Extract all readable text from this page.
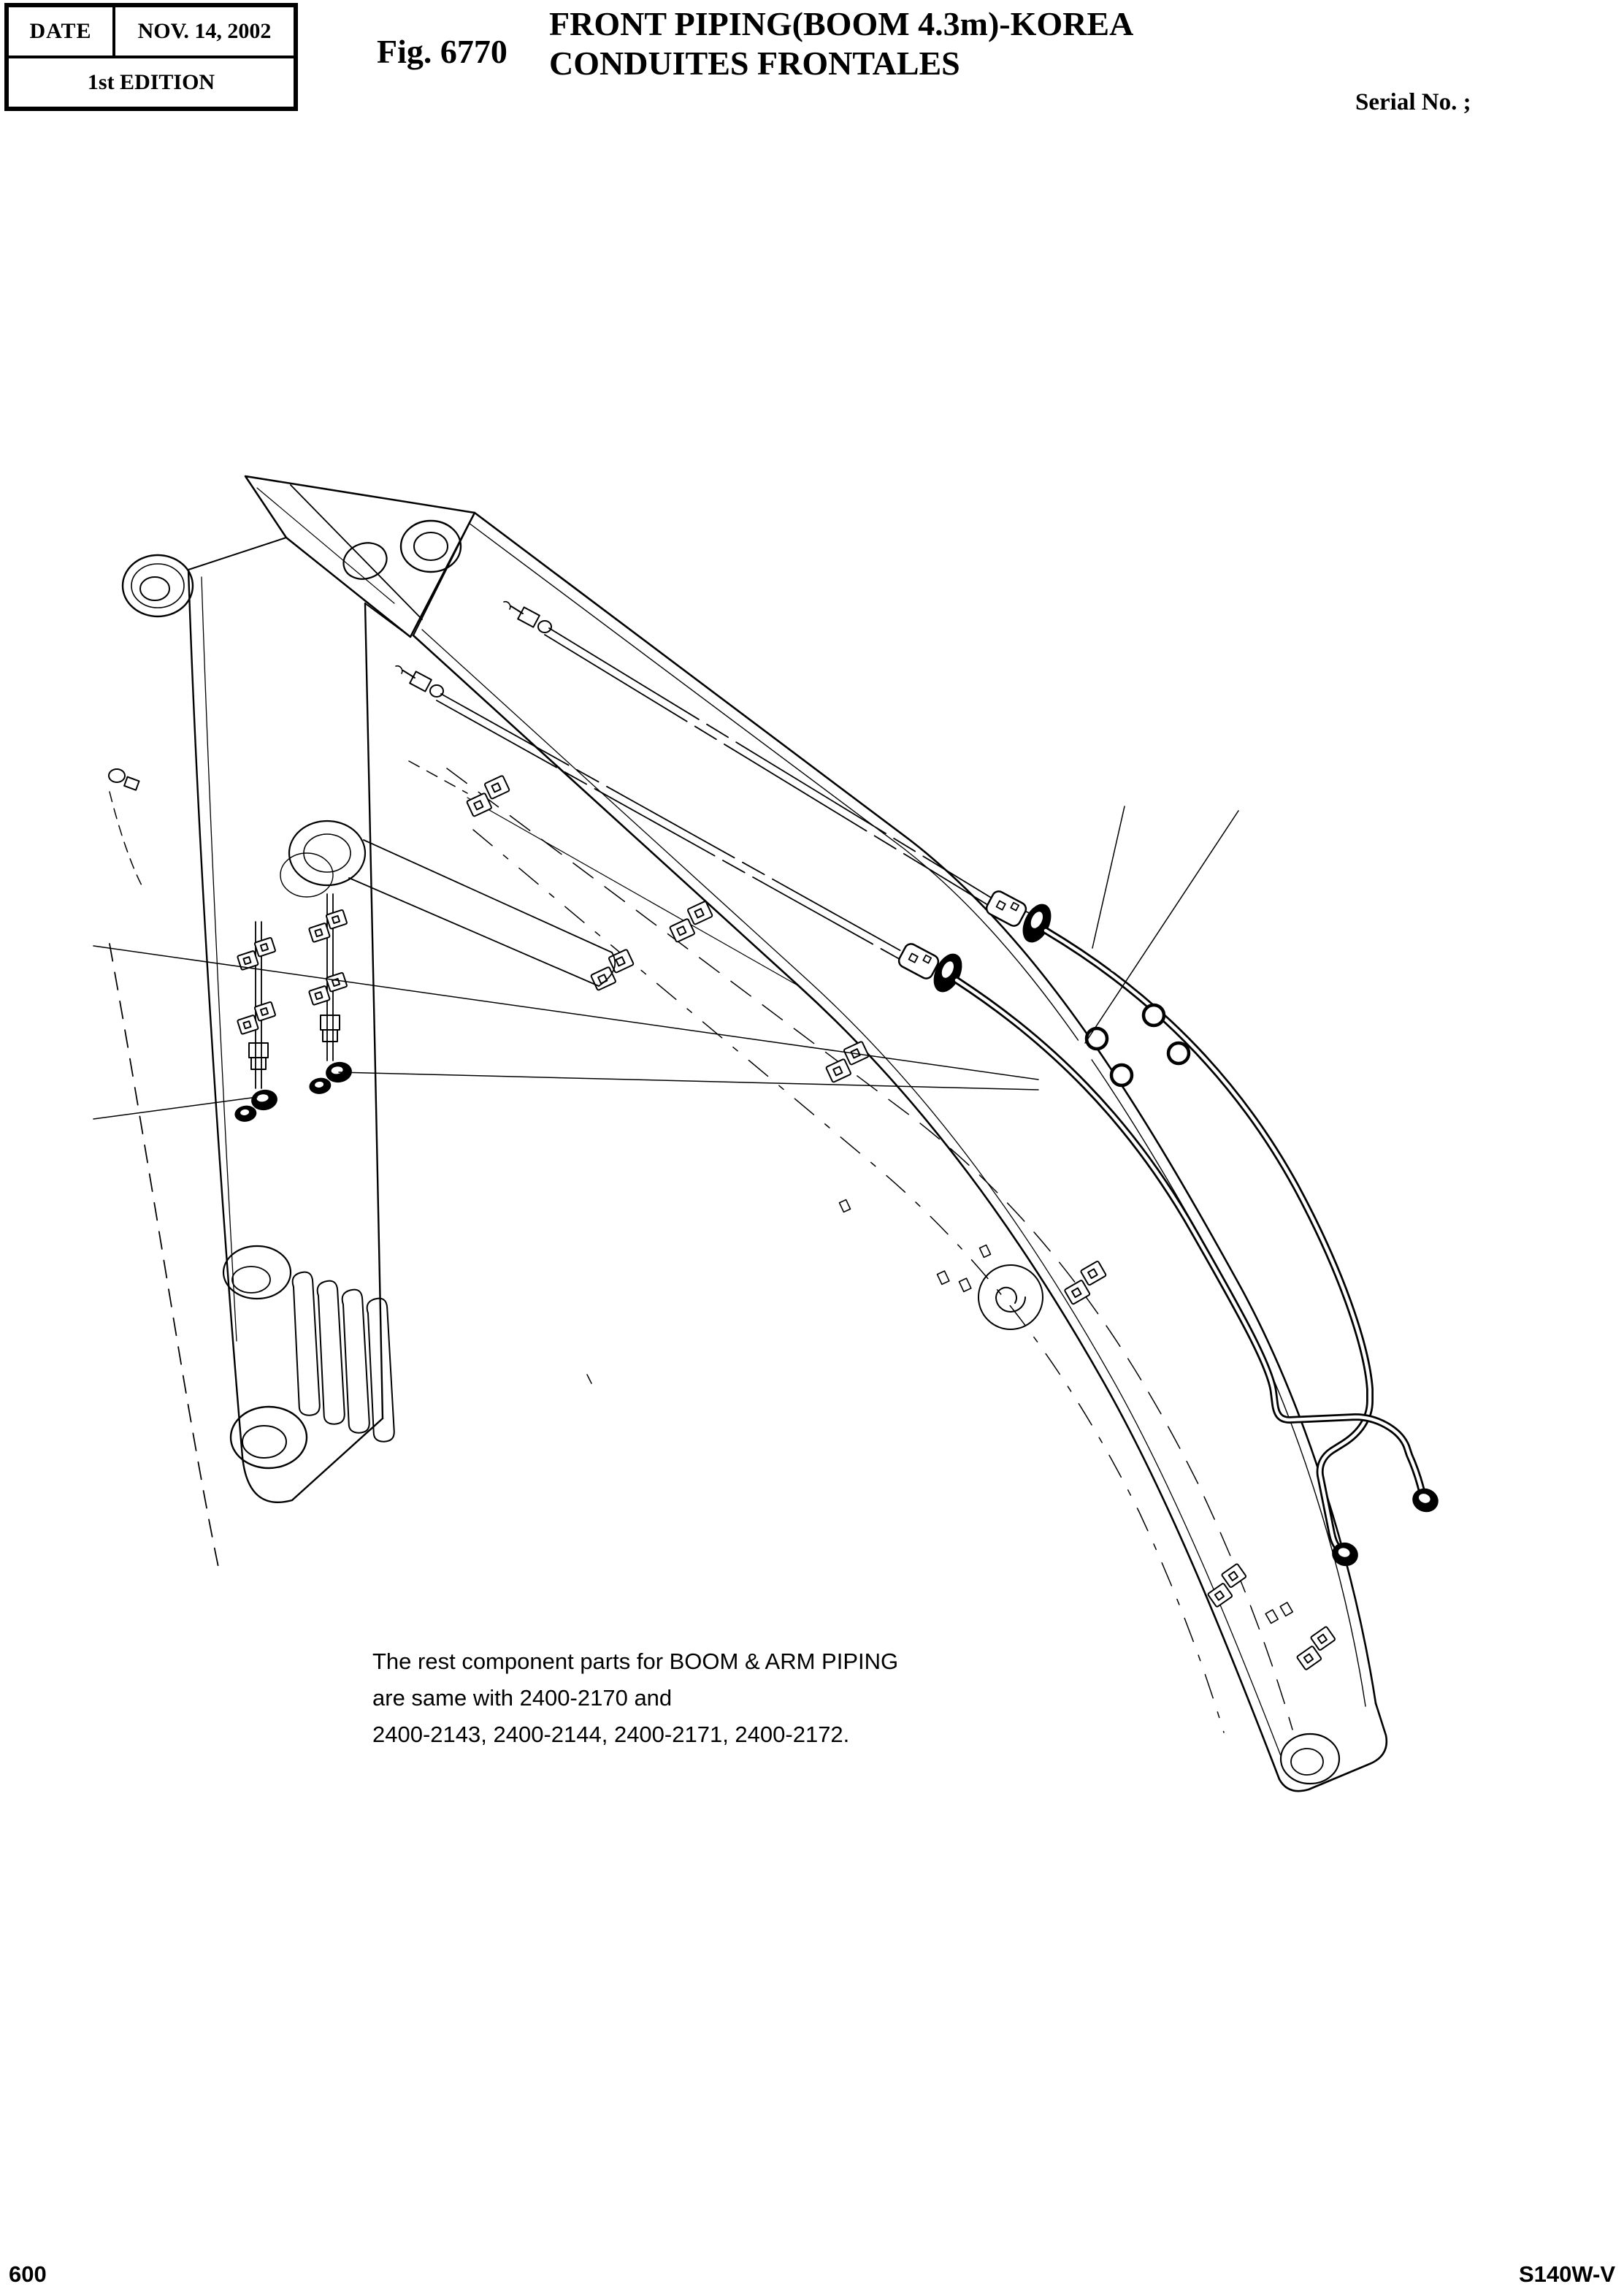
DATE	NOV. 14, 2002
1st EDITION
Fig. 6770
FRONT PIPING(BOOM 4.3m)-KOREA
CONDUITES FRONTALES
Serial No. ;
The rest component parts for BOOM & ARM PIPING
are same with 2400-2170 and
2400-2143, 2400-2144, 2400-2171, 2400-2172.
600	S140W-V
